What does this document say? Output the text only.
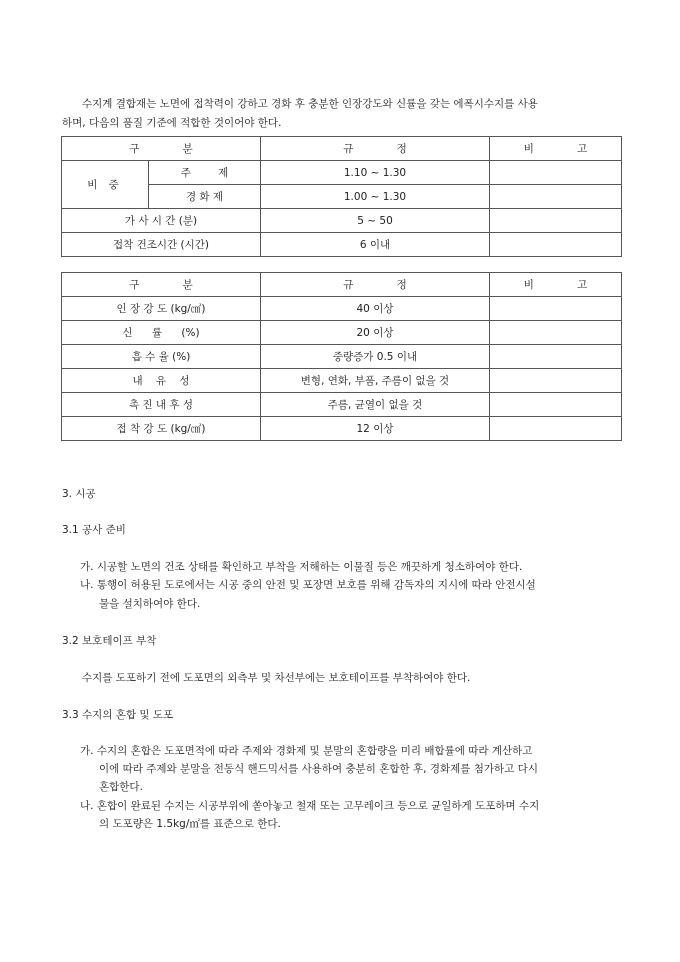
수지계 결합재는 노면에 접착력이 강하고 경화 후 충분한 인장강도와 신률을 갖는 에폭시수지를 사용
하며, 다음의 품질 기준에 적합한 것이어야 한다.
구 분		규 정	비 고
비 중	주 제	1.10 ~ 1.30	
	경 화 제	1.00 ~ 1.30	
가 사 시 간 (분)		5 ~ 50	
접착 건조시간 (시간)		6 이내	
구 분	규 정	비 고
인 장 강 도 (kg/㎠)	40 이상	
신 률 (%)	20 이상	
흡 수 율 (%)	중량증가 0.5 이내	
내 유 성	변형, 연화, 부품, 주름이 없을 것	
촉 진 내 후 성	주름, 균열이 없을 것	
접 착 강 도 (kg/㎠)	12 이상	
3. 시공
3.1 공사 준비
가. 시공할 노면의 건조 상태를 확인하고 부착을 저해하는 이물질 등은 깨끗하게 청소하여야 한다.
나. 통행이 허용된 도로에서는 시공 중의 안전 및 포장면 보호를 위해 감독자의 지시에 따라 안전시설
물을 설치하여야 한다.
3.2 보호테이프 부착
수지를 도포하기 전에 도포면의 외측부 및 차선부에는 보호테이프를 부착하여야 한다.
3.3 수지의 혼합 및 도포
가. 수지의 혼합은 도포면적에 따라 주제와 경화제 및 분말의 혼합량을 미리 배합률에 따라 계산하고
이에 따라 주제와 분말을 전동식 핸드믹서를 사용하여 충분히 혼합한 후, 경화제를 첨가하고 다시
혼합한다.
나. 혼합이 완료된 수지는 시공부위에 쏟아놓고 철재 또는 고무레이크 등으로 균일하게 도포하며 수지
의 도포량은 1.5kg/㎡를 표준으로 한다.
